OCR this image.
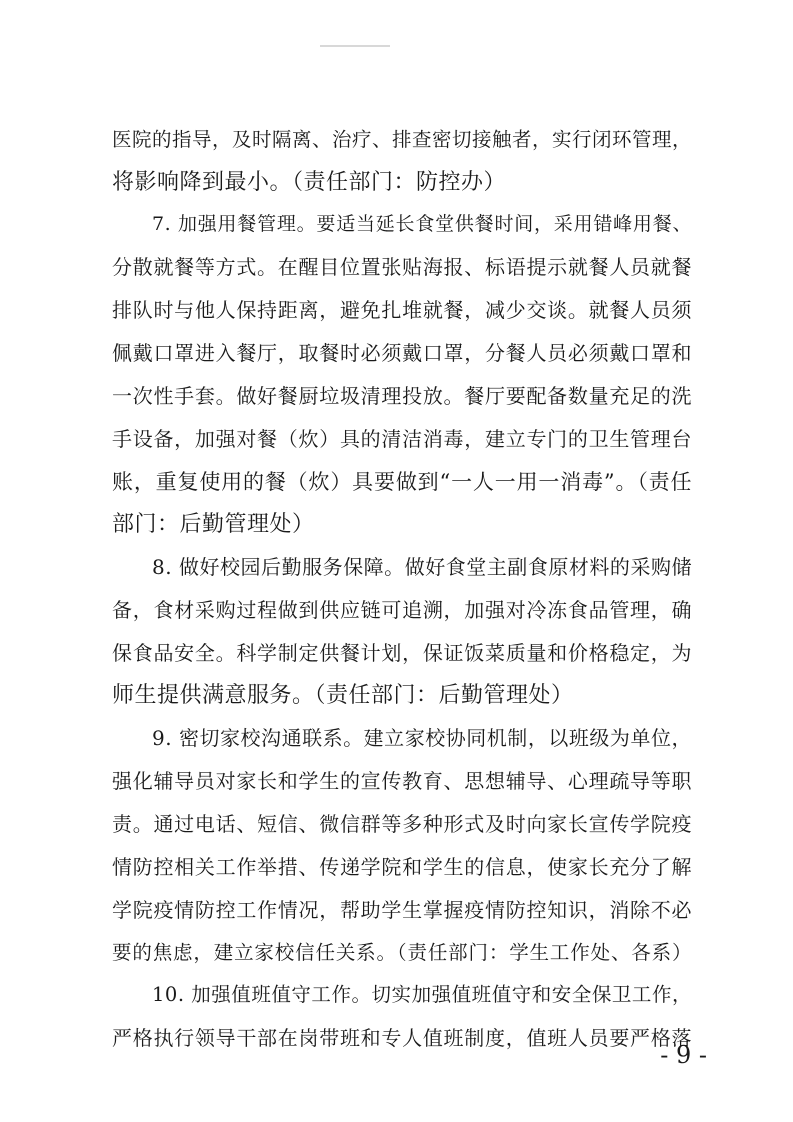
医院的指导，及时隔离、治疗、排查密切接触者，实行闭环管理，
将影响降到最小。（责任部门：防控办）
7. 加强用餐管理。要适当延长食堂供餐时间，采用错峰用餐、
分散就餐等方式。在醒目位置张贴海报、标语提示就餐人员就餐
排队时与他人保持距离，避免扎堆就餐，减少交谈。就餐人员须
佩戴口罩进入餐厅，取餐时必须戴口罩，分餐人员必须戴口罩和
一次性手套。做好餐厨垃圾清理投放。餐厅要配备数量充足的洗
手设备，加强对餐（炊）具的清洁消毒，建立专门的卫生管理台
账，重复使用的餐（炊）具要做到“一人一用一消毒”。（责任
部门：后勤管理处）
8. 做好校园后勤服务保障。做好食堂主副食原材料的采购储
备，食材采购过程做到供应链可追溯，加强对冷冻食品管理，确
保食品安全。科学制定供餐计划，保证饭菜质量和价格稳定，为
师生提供满意服务。（责任部门：后勤管理处）
9. 密切家校沟通联系。建立家校协同机制，以班级为单位，
强化辅导员对家长和学生的宣传教育、思想辅导、心理疏导等职
责。通过电话、短信、微信群等多种形式及时向家长宣传学院疫
情防控相关工作举措、传递学院和学生的信息，使家长充分了解
学院疫情防控工作情况，帮助学生掌握疫情防控知识，消除不必
要的焦虑，建立家校信任关系。（责任部门：学生工作处、各系）
10. 加强值班值守工作。切实加强值班值守和安全保卫工作，
严格执行领导干部在岗带班和专人值班制度，值班人员要严格落
- 9 -
